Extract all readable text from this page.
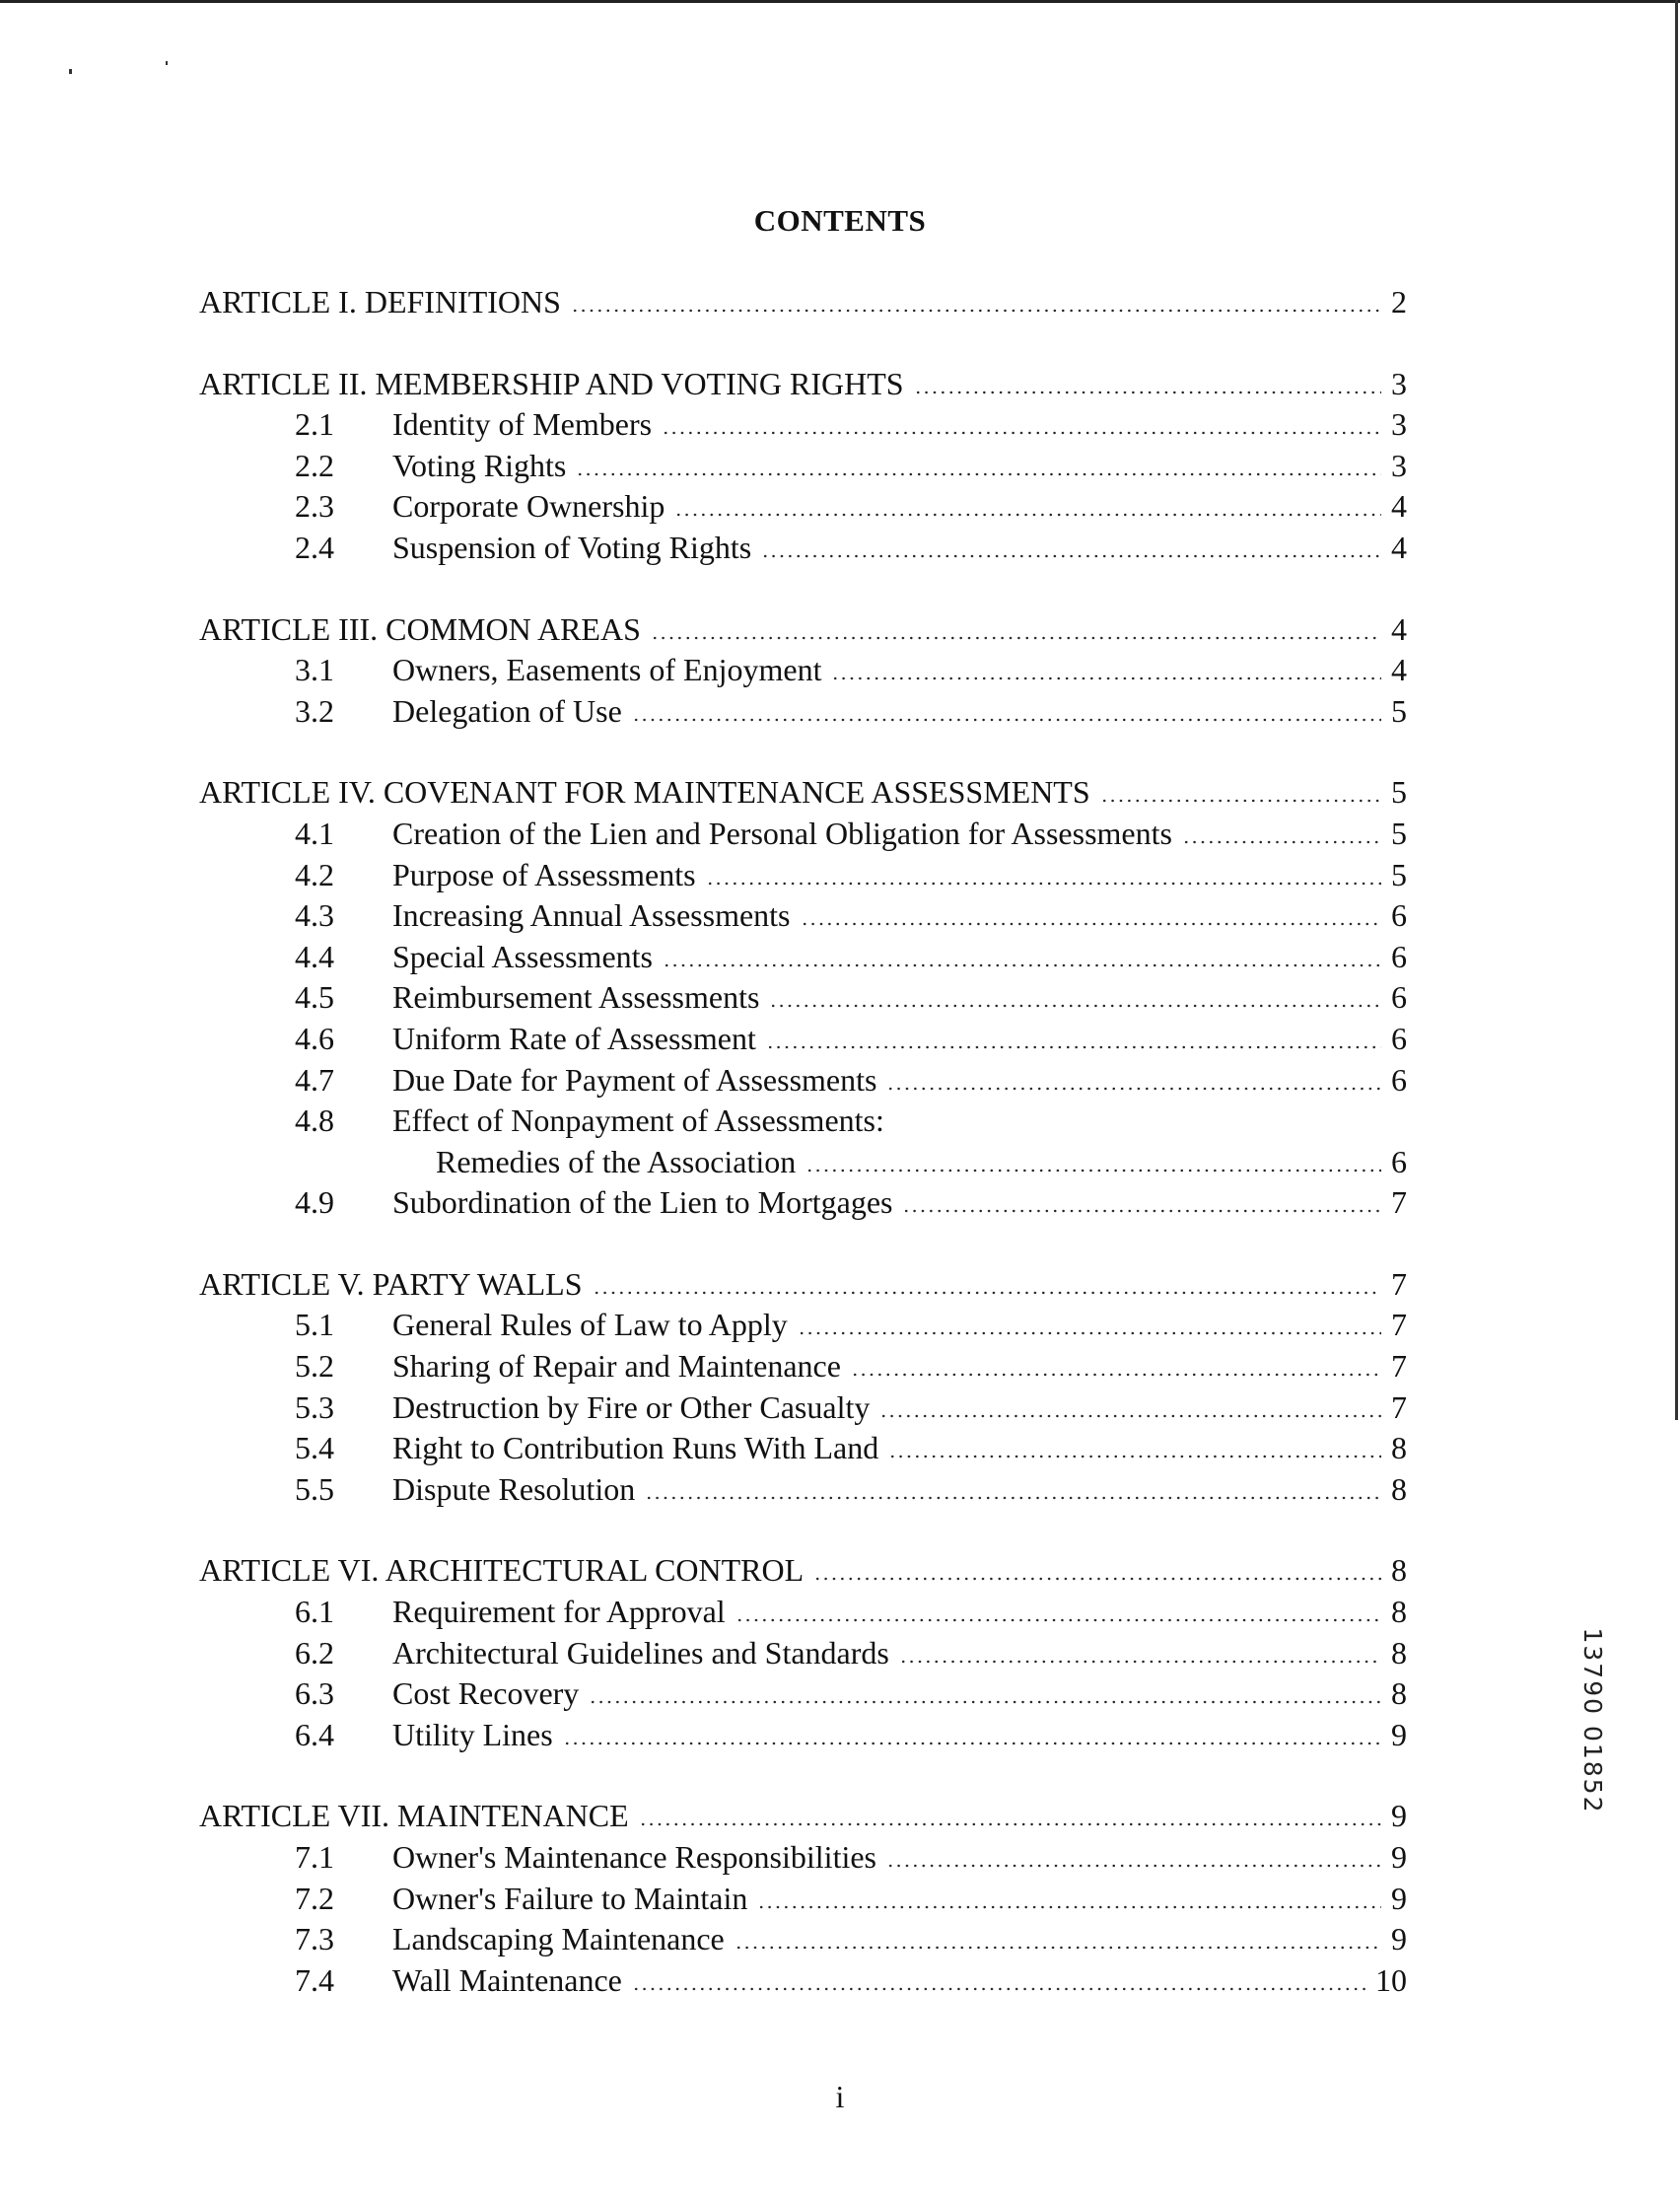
CONTENTS
ARTICLE I. DEFINITIONS	2
ARTICLE II. MEMBERSHIP AND VOTING RIGHTS	3
2.1	Identity of Members	3
2.2	Voting Rights	3
2.3	Corporate Ownership	4
2.4	Suspension of Voting Rights	4
ARTICLE III. COMMON AREAS	4
3.1	Owners, Easements of Enjoyment	4
3.2	Delegation of Use	5
ARTICLE IV. COVENANT FOR MAINTENANCE ASSESSMENTS	5
4.1	Creation of the Lien and Personal Obligation for Assessments	5
4.2	Purpose of Assessments	5
4.3	Increasing Annual Assessments	6
4.4	Special Assessments	6
4.5	Reimbursement Assessments	6
4.6	Uniform Rate of Assessment	6
4.7	Due Date for Payment of Assessments	6
4.8	Effect of Nonpayment of Assessments:
Remedies of the Association	6
4.9	Subordination of the Lien to Mortgages	7
ARTICLE V. PARTY WALLS	7
5.1	General Rules of Law to Apply	7
5.2	Sharing of Repair and Maintenance	7
5.3	Destruction by Fire or Other Casualty	7
5.4	Right to Contribution Runs With Land	8
5.5	Dispute Resolution	8
ARTICLE VI. ARCHITECTURAL CONTROL	8
6.1	Requirement for Approval	8
6.2	Architectural Guidelines and Standards	8
6.3	Cost Recovery	8
6.4	Utility Lines	9
ARTICLE VII. MAINTENANCE	9
7.1	Owner's Maintenance Responsibilities	9
7.2	Owner's Failure to Maintain	9
7.3	Landscaping Maintenance	9
7.4	Wall Maintenance	10
13790 01852
i
